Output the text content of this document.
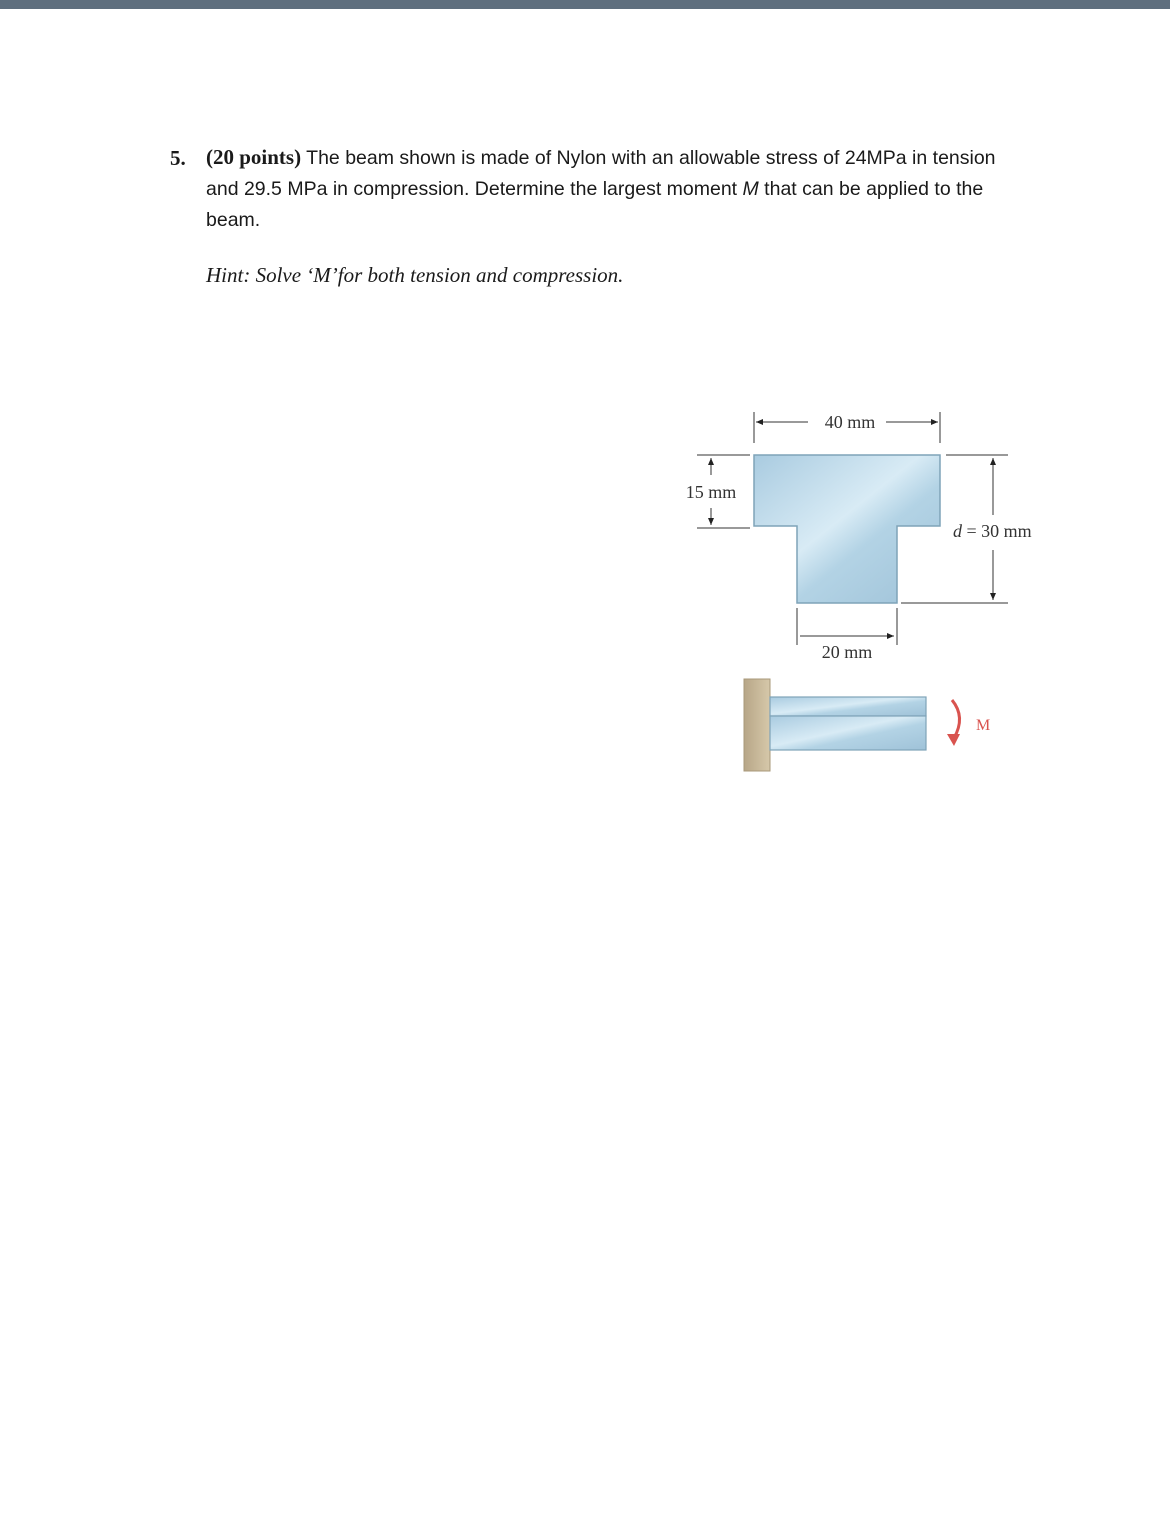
5. (20 points) The beam shown is made of Nylon with an allowable stress of 24MPa in tension and 29.5 MPa in compression. Determine the largest moment M that can be applied to the beam.
Hint: Solve ‘M’for both tension and compression.
40 mm
15 mm
d = 30 mm
20 mm
M
